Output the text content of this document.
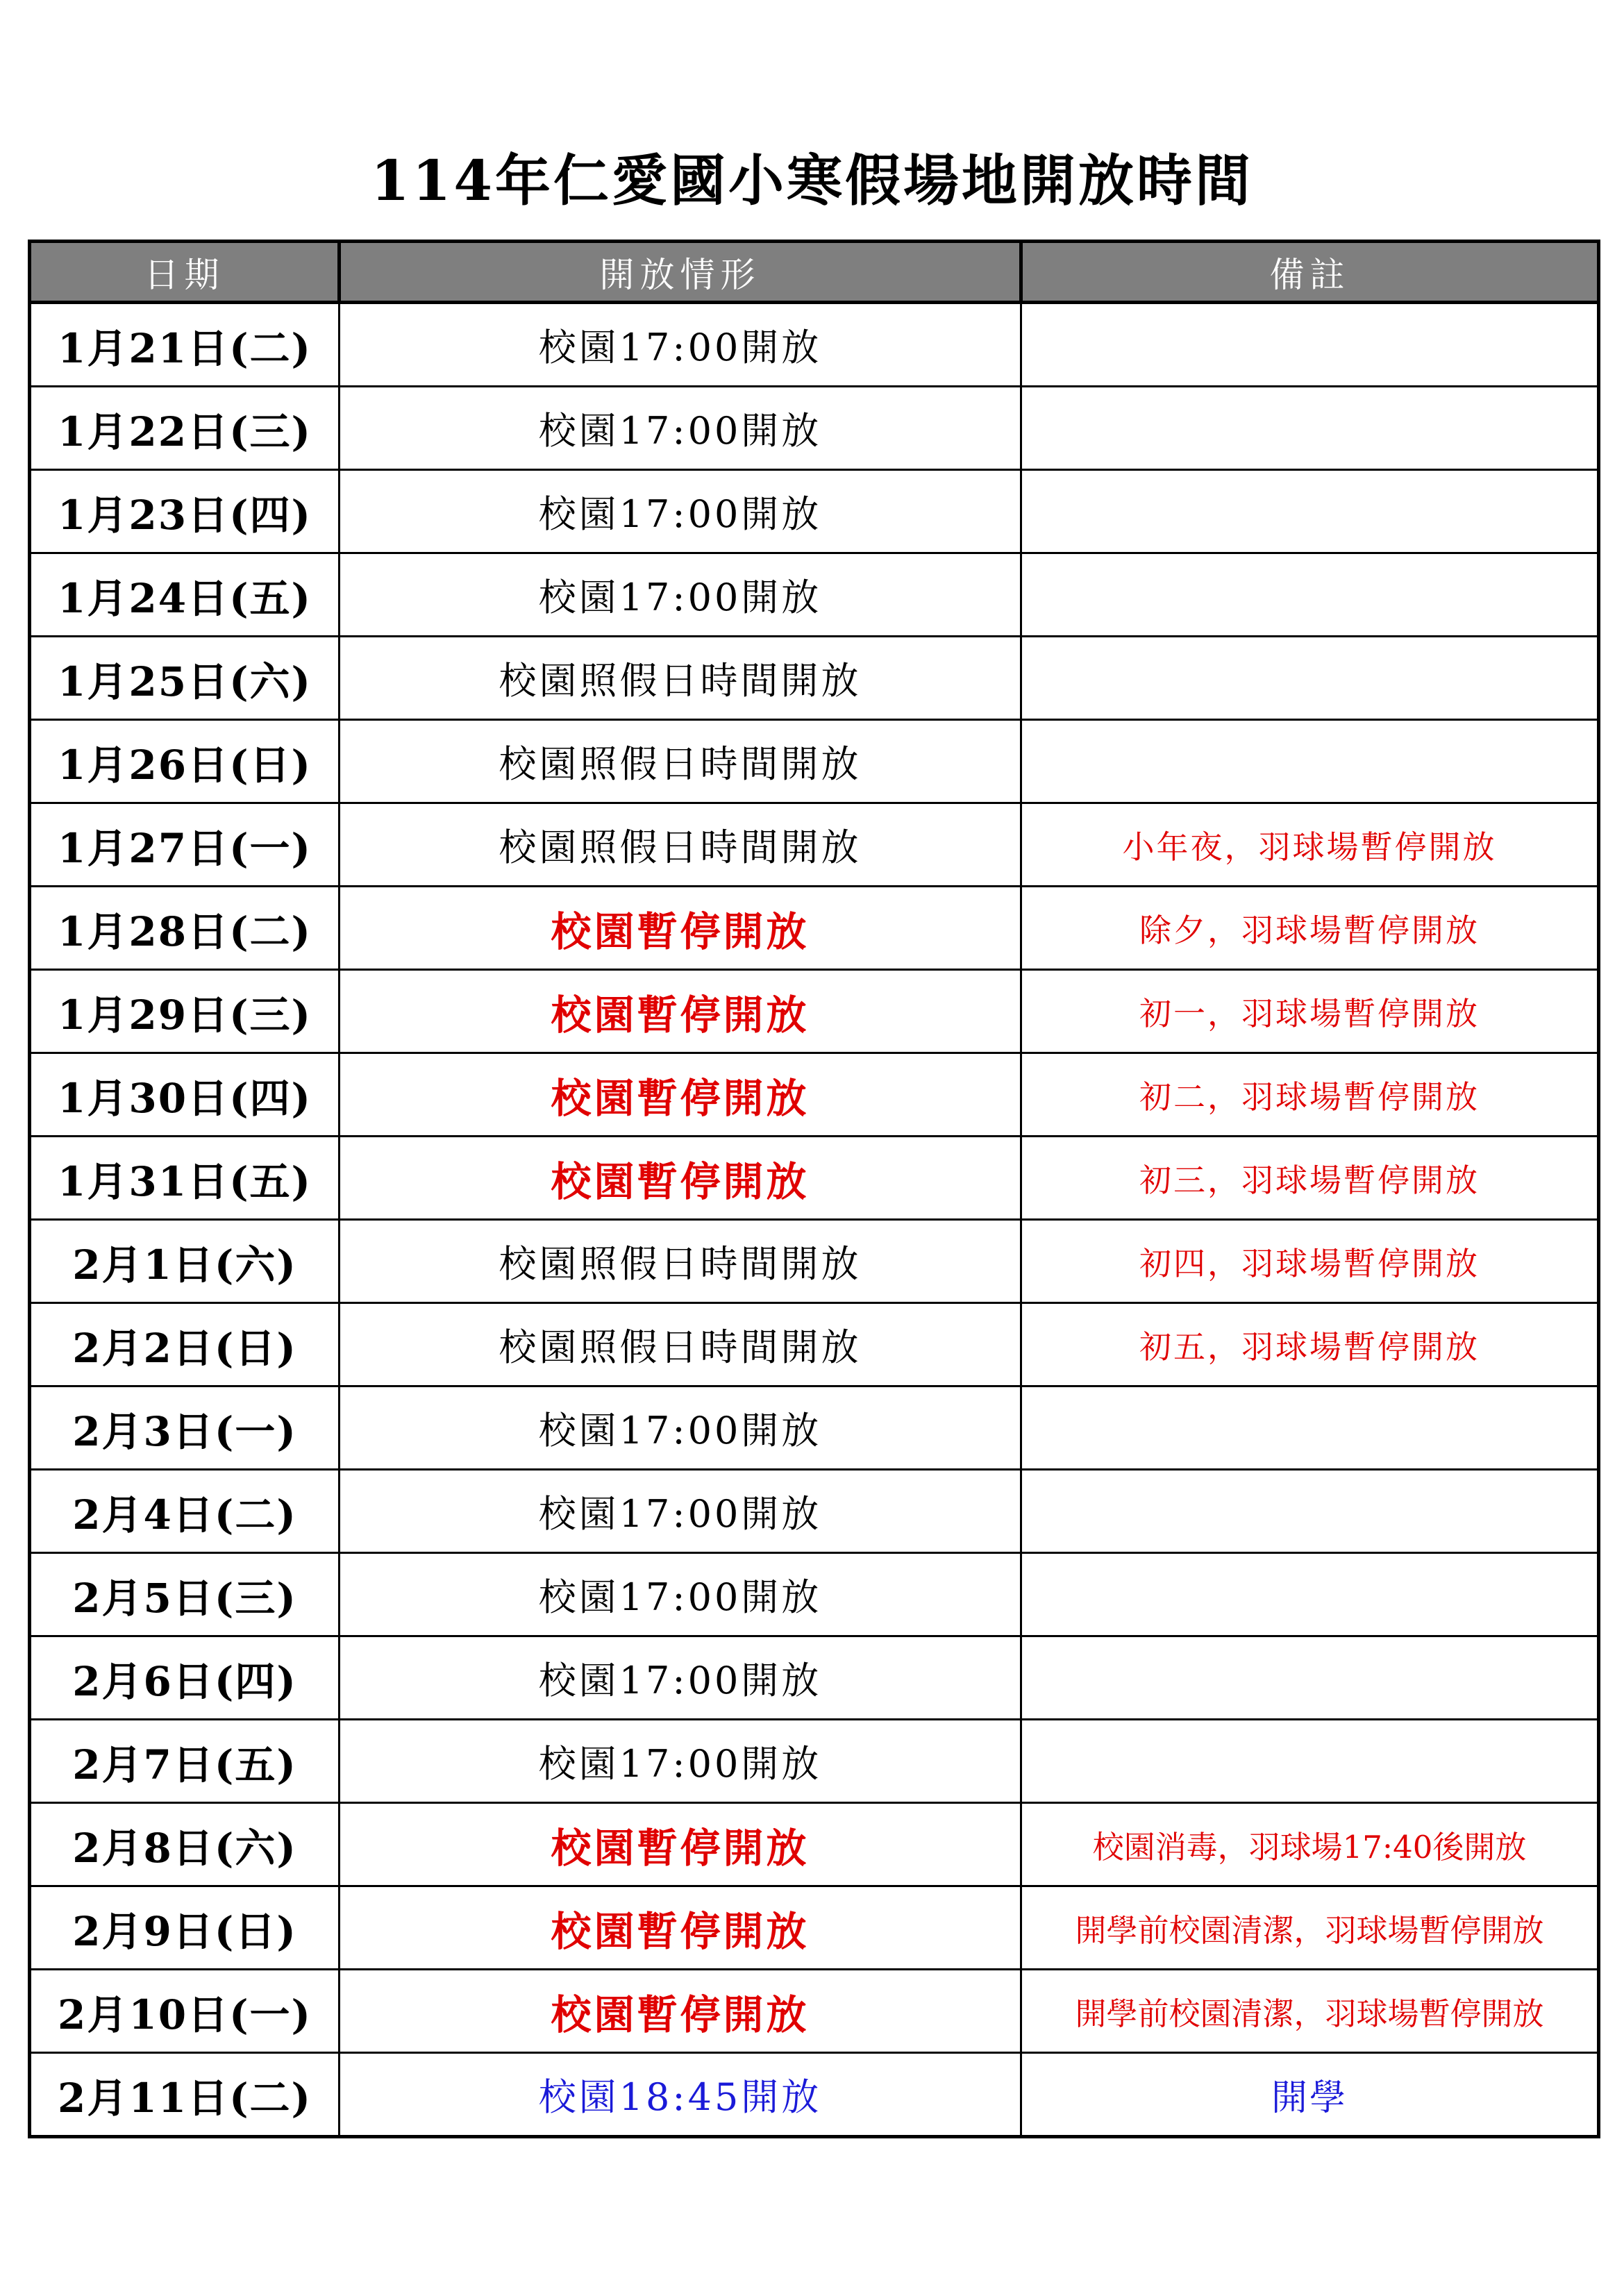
114年仁愛國小寒假場地開放時間
日期	開放情形	備註
1月21日(二)	校園17:00開放	
1月22日(三)	校園17:00開放	
1月23日(四)	校園17:00開放	
1月24日(五)	校園17:00開放	
1月25日(六)	校園照假日時間開放	
1月26日(日)	校園照假日時間開放	
1月27日(一)	校園照假日時間開放	小年夜，羽球場暫停開放
1月28日(二)	校園暫停開放	除夕，羽球場暫停開放
1月29日(三)	校園暫停開放	初一，羽球場暫停開放
1月30日(四)	校園暫停開放	初二，羽球場暫停開放
1月31日(五)	校園暫停開放	初三，羽球場暫停開放
2月1日(六)	校園照假日時間開放	初四，羽球場暫停開放
2月2日(日)	校園照假日時間開放	初五，羽球場暫停開放
2月3日(一)	校園17:00開放	
2月4日(二)	校園17:00開放	
2月5日(三)	校園17:00開放	
2月6日(四)	校園17:00開放	
2月7日(五)	校園17:00開放	
2月8日(六)	校園暫停開放	校園消毒，羽球場17:40後開放
2月9日(日)	校園暫停開放	開學前校園清潔，羽球場暫停開放
2月10日(一)	校園暫停開放	開學前校園清潔，羽球場暫停開放
2月11日(二)	校園18:45開放	開學
